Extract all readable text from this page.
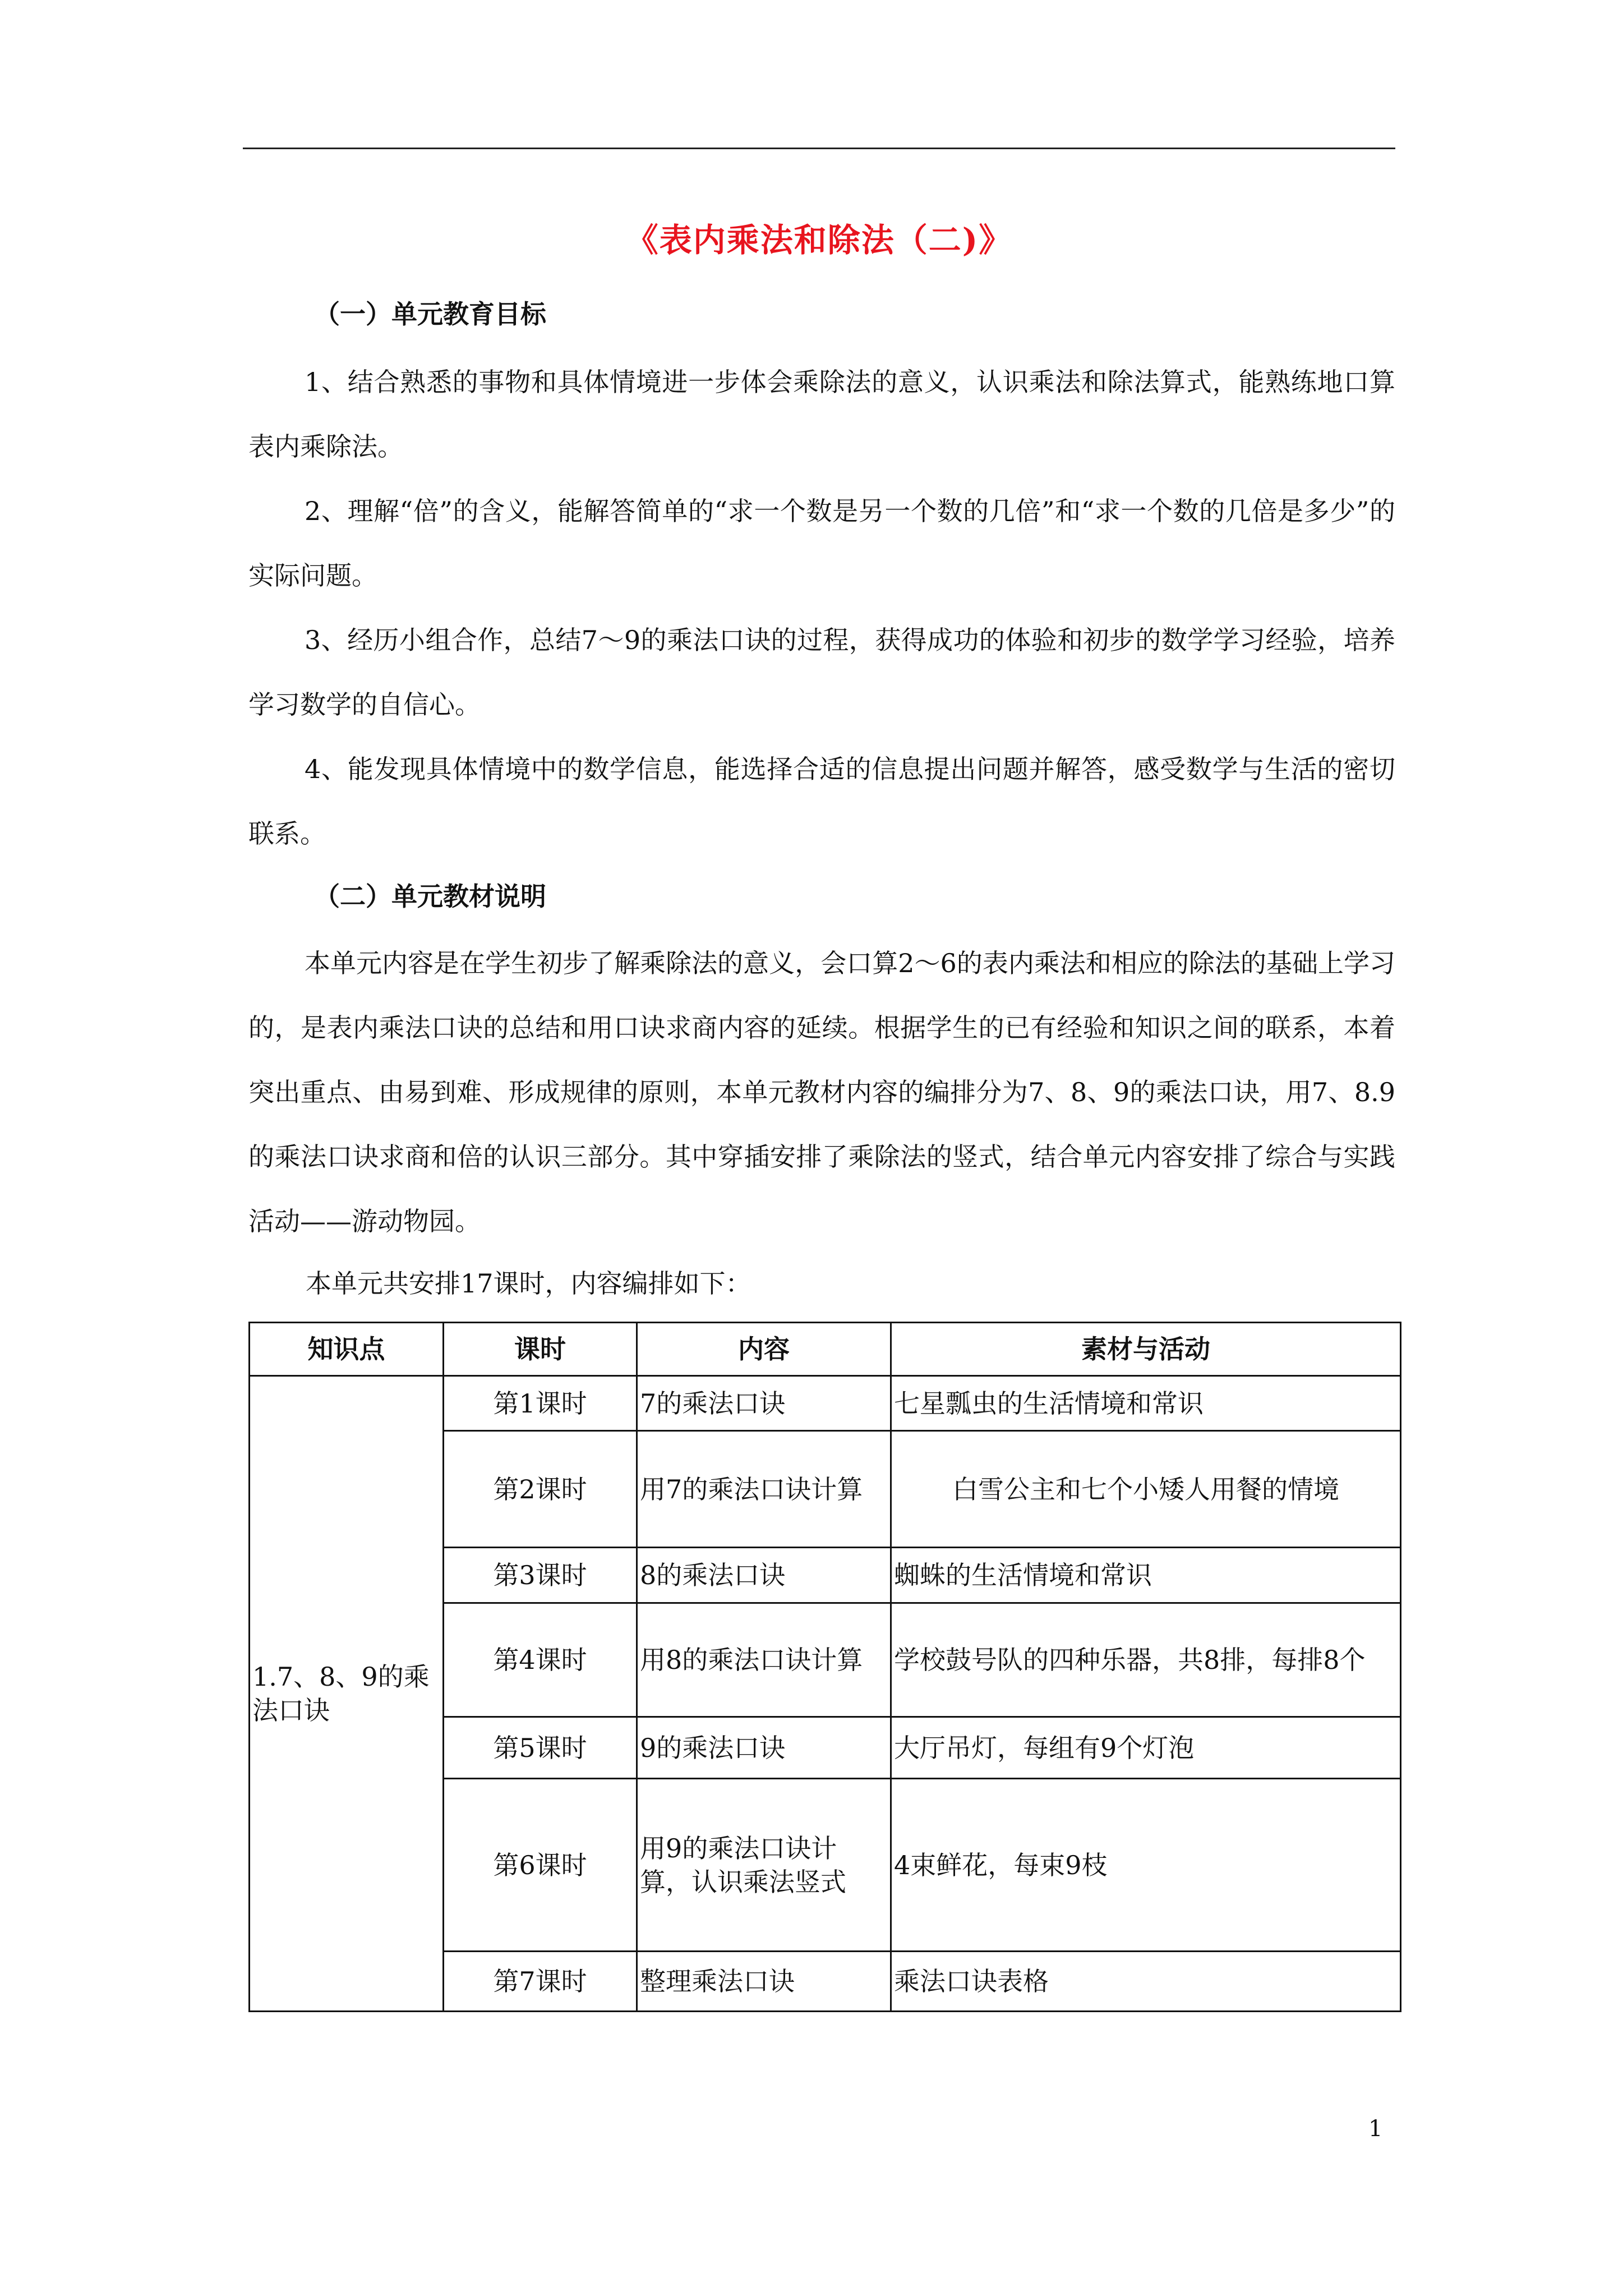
《表内乘法和除法（二)》
（一）单元教育目标

1、结合熟悉的事物和具体情境进一步体会乘除法的意义，认识乘法和除法算式，能熟练地口算表内乘除法。

2、理解“倍”的含义，能解答简单的“求一个数是另一个数的几倍”和“求一个数的几倍是多少”的实际问题。

3、经历小组合作，总结7～9的乘法口诀的过程，获得成功的体验和初步的数学学习经验，培养学习数学的自信心。

4、能发现具体情境中的数学信息，能选择合适的信息提出问题并解答，感受数学与生活的密切联系。

（二）单元教材说明

本单元内容是在学生初步了解乘除法的意义，会口算2～6的表内乘法和相应的除法的基础上学习的，是表内乘法口诀的总结和用口诀求商内容的延续。根据学生的已有经验和知识之间的联系，本着突出重点、由易到难、形成规律的原则，本单元教材内容的编排分为7、8、9的乘法口诀，用7、8.9的乘法口诀求商和倍的认识三部分。其中穿插安排了乘除法的竖式，结合单元内容安排了综合与实践活动——游动物园。

本单元共安排17课时，内容编排如下：
知识点	课时	内容	素材与活动
1.7、8、9的乘法口诀	第1课时	7的乘法口诀	七星瓢虫的生活情境和常识
	第2课时	用7的乘法口诀计算	白雪公主和七个小矮人用餐的情境
	第3课时	8的乘法口诀	蜘蛛的生活情境和常识
	第4课时	用8的乘法口诀计算	学校鼓号队的四种乐器，共8排，每排8个
	第5课时	9的乘法口诀	大厅吊灯，每组有9个灯泡
	第6课时	用9的乘法口诀计算，认识乘法竖式	4束鲜花，每束9枝
	第7课时	整理乘法口诀	乘法口诀表格
1
